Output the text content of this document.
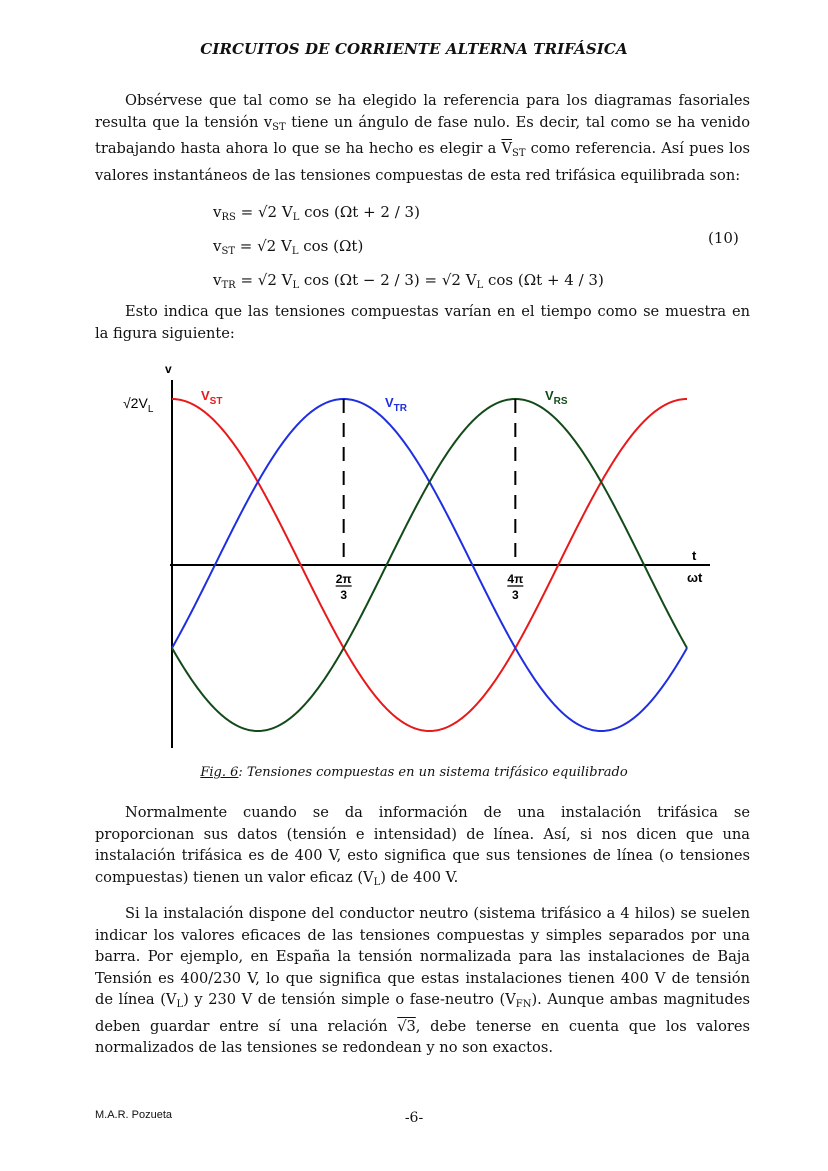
CIRCUITOS DE CORRIENTE ALTERNA TRIFÁSICA
Obsérvese que tal como se ha elegido la referencia para los diagramas fasoriales resulta que la tensión $v_{ST}$ tiene un ángulo de fase nulo. Es decir, tal como se ha venido trabajando hasta ahora lo que se ha hecho es elegir a $\overline{V}_{ST}$ como referencia. Así pues los valores instantáneos de las tensiones compuestas de esta red trifásica equilibrada son:
$v_{RS} = √2$ $V_L$ cos (Ωt + 2 / 3)
$v_{ST} = √2$ $V_L$ cos (Ωt)
$v_{TR} = √2$ $V_L$ cos (Ωt − 2 / 3) = √2 $V_L$ cos (Ωt + 4 / 3)
(10)
Esto indica que las tensiones compuestas varían en el tiempo como se muestra en la figura siguiente:
v
$√2V_L$
t
ωt
2π
3
4π
3
$V_{ST}$	$V_{TR}$
$V_{RS}$
Fig. 6: Tensiones compuestas en un sistema trifásico equilibrado
Normalmente cuando se da información de una instalación trifásica se proporcionan sus datos (tensión e intensidad) de línea. Así, si nos dicen que una instalación trifásica es de 400 V, esto significa que sus tensiones de línea (o tensiones compuestas) tienen un valor eficaz $(V_L)$ de 400 V.
Si la instalación dispone del conductor neutro (sistema trifásico a 4 hilos) se suelen indicar los valores eficaces de las tensiones compuestas y simples separados por una barra. Por ejemplo, en España la tensión normalizada para las instalaciones de Baja Tensión es 400/230 V, lo que significa que estas instalaciones tienen 400 V de tensión de línea $(V_L)$ y 230 V de tensión simple o fase-neutro $(V_{FN})$. Aunque ambas magnitudes deben guardar entre sí una relación √3, debe tenerse en cuenta que los valores normalizados de las tensiones se redondean y no son exactos.
M.A.R. Pozueta	-6-
